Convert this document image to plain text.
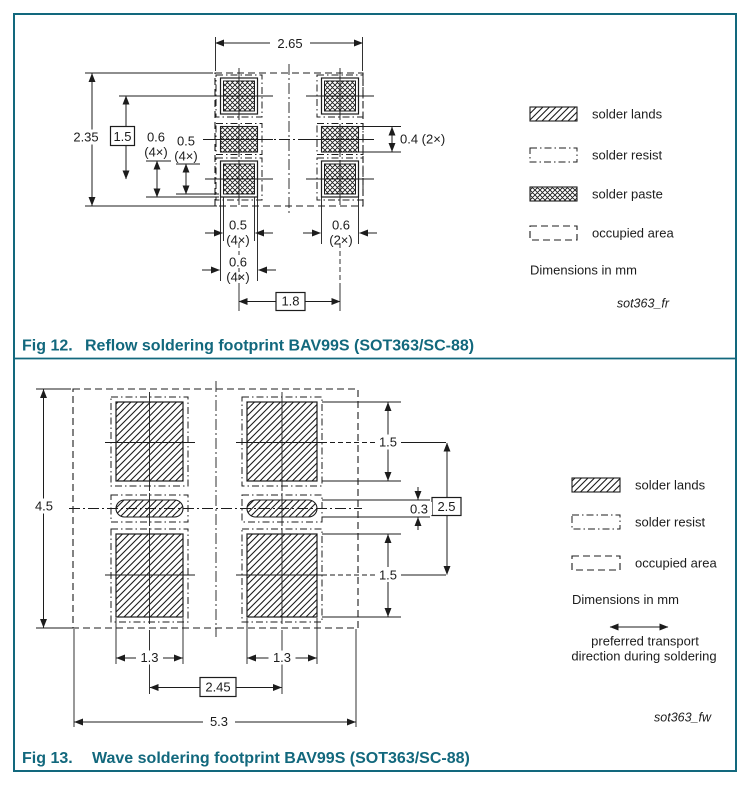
2.65
2.35 1.5 0.6
(4×)
0.5
(4×)
0.5
(4×)
0.6
(4×)
1.8
0.6
(2×)
0.4 (2×)
solder lands
solder resist
solder paste
occupied area
Dimensions in mm
sot363_fr
Fig 12. Reflow soldering footprint BAV99S (SOT363/SC-88)
4.5
1.5
1.5
2.5
0.3
1.3	1.3
2.45
5.3
solder lands
solder resist
occupied area
Dimensions in mm
preferred transport
direction during soldering
sot363_fw
Fig 13. Wave soldering footprint BAV99S (SOT363/SC-88)
